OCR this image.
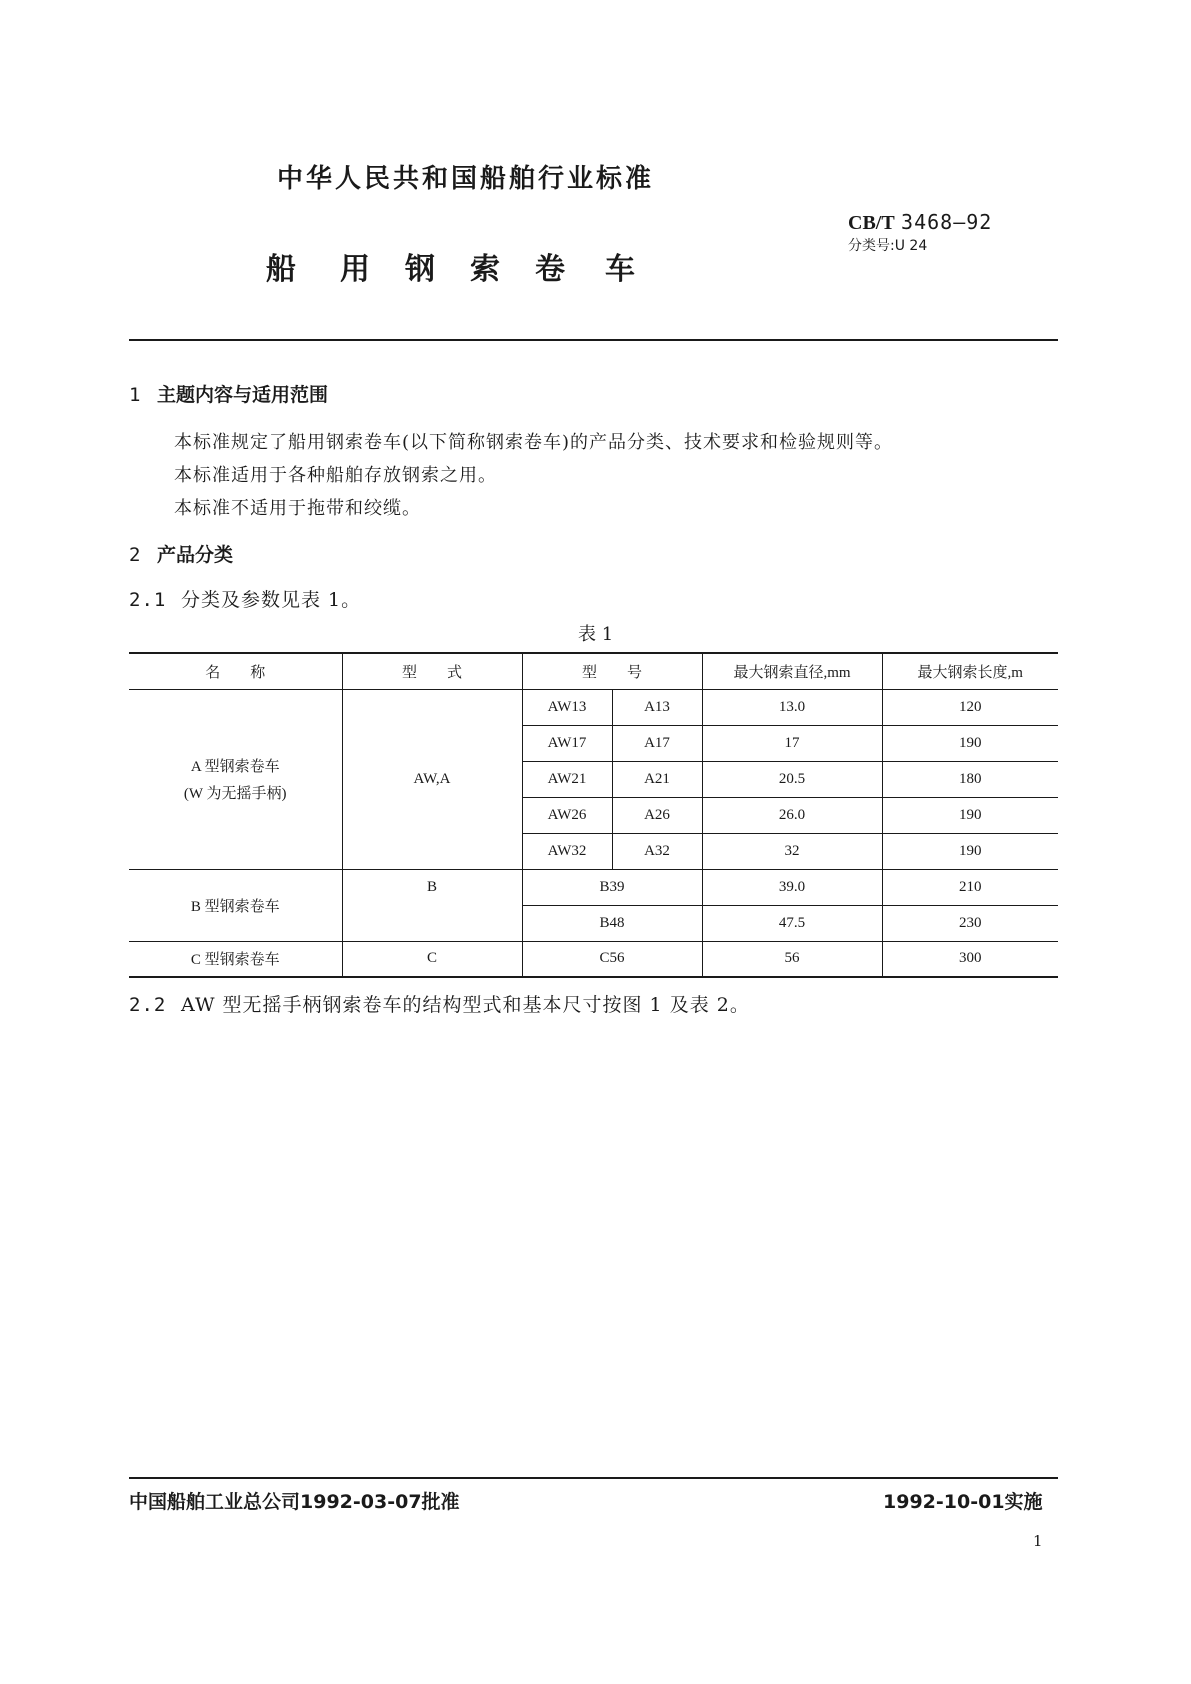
中华人民共和国船舶行业标准
船 用 钢 索 卷 车
CB/T 3468—92
分类号:U 24
1 主题内容与适用范围
本标准规定了船用钢索卷车(以下简称钢索卷车)的产品分类、技术要求和检验规则等。
本标准适用于各种船舶存放钢索之用。
本标准不适用于拖带和绞缆。
2 产品分类
2.1 分类及参数见表 1。
表 1
名　　称	型　　式	型　　号		最大钢索直径,mm	最大钢索长度,m

A 型钢索卷车
(W 为无摇手柄)	AW,A	AW13	A13	13.0	120
		AW17	A17	17	190
		AW21	A21	20.5	180
		AW26	A26	26.0	190
		AW32	A32	32	190
B 型钢索卷车	B	B39		39.0	210
		B48		47.5	230
C 型钢索卷车	C	C56		56	300
2.2 AW 型无摇手柄钢索卷车的结构型式和基本尺寸按图 1 及表 2。
中国船舶工业总公司1992-03-07批准	1992-10-01实施
1
